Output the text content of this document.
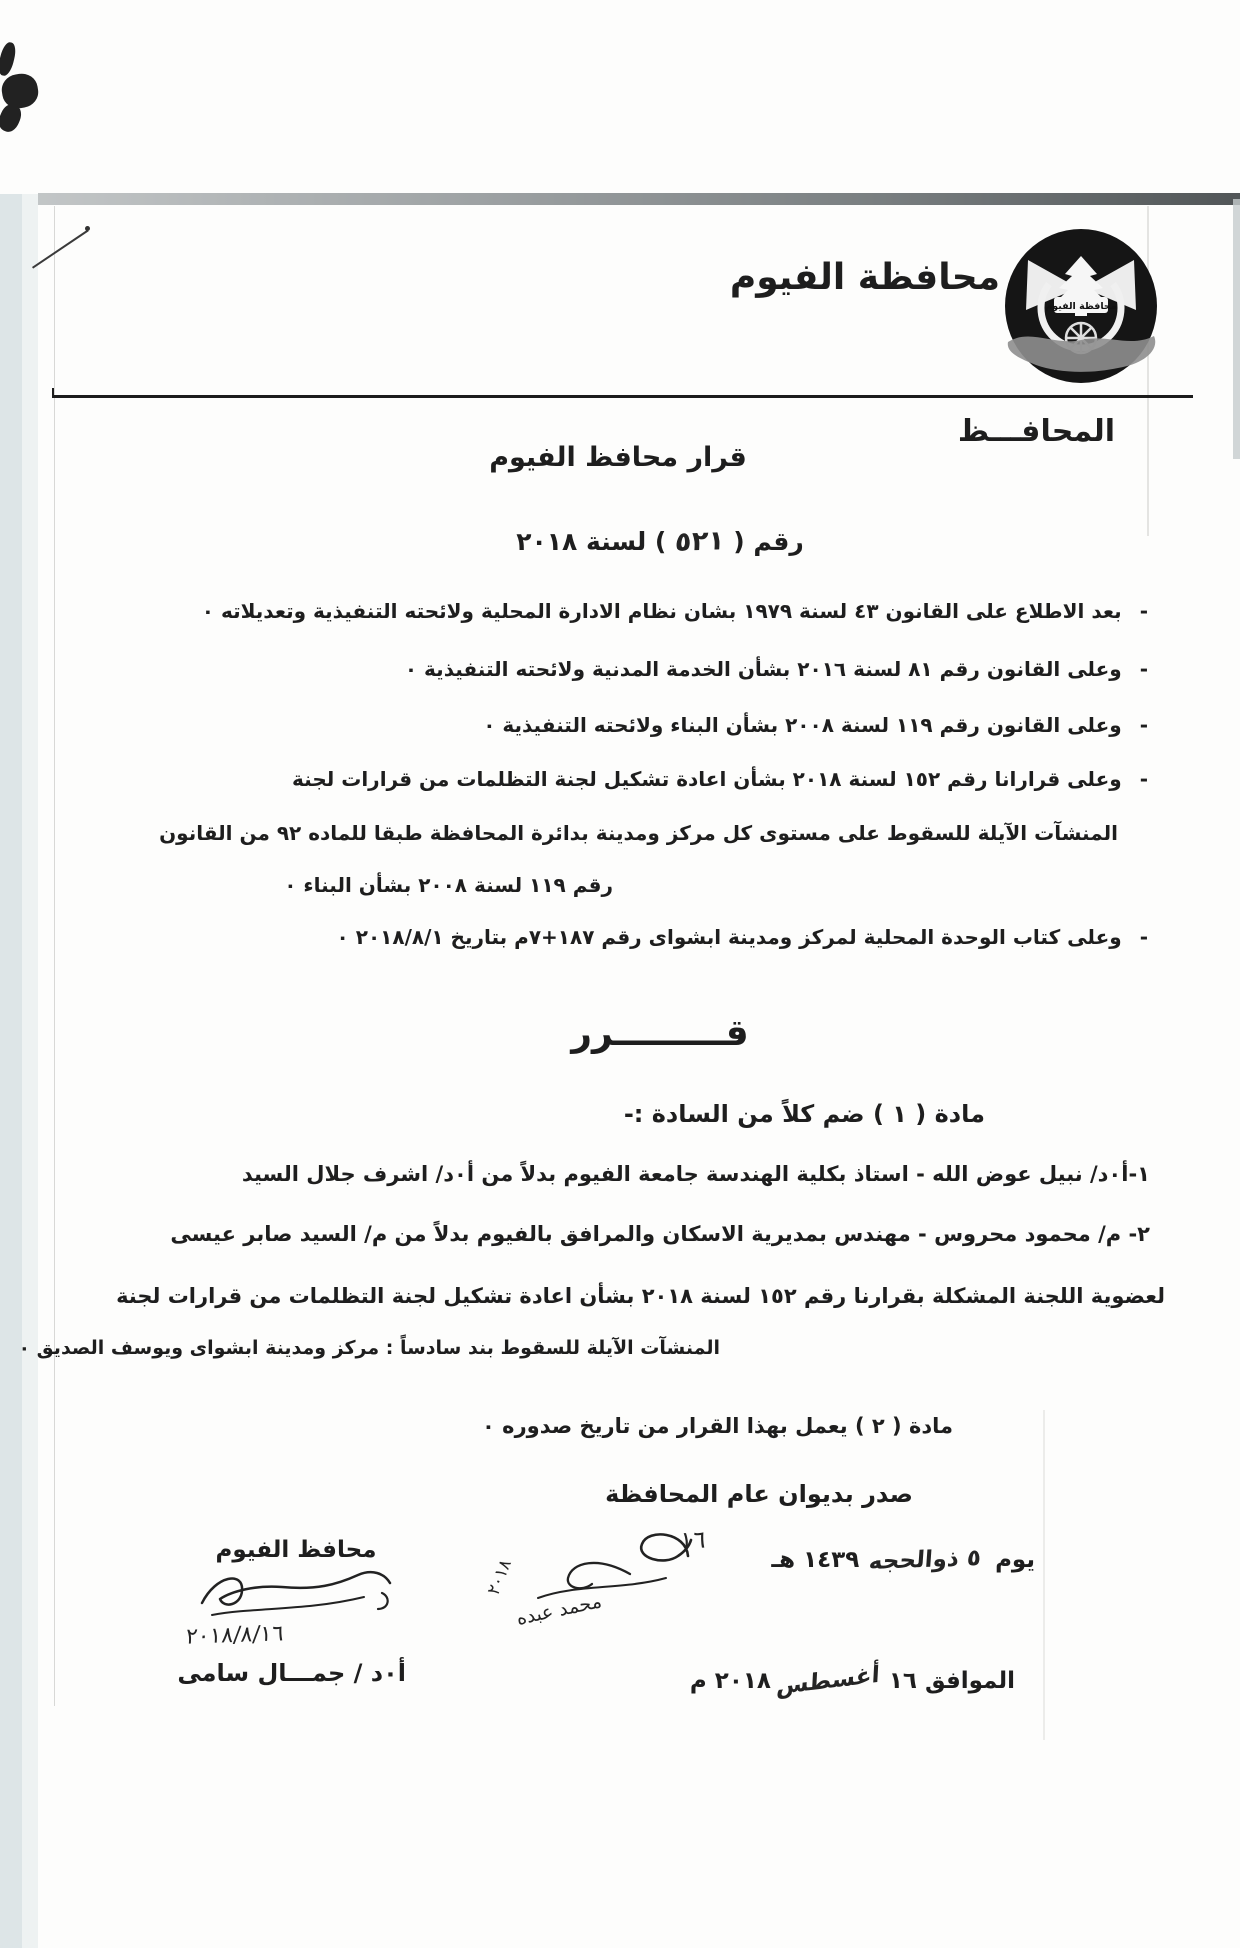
محافظة الفيوم
محافظة الفيوم
المحافـــظ
قرار محافظ الفيوم
رقم ( ٥٢١ ) لسنة ٢٠١٨
-بعد الاطلاع على القانون ٤٣ لسنة ١٩٧٩ بشان نظام الادارة المحلية ولائحته التنفيذية وتعديلاته ٠
-وعلى القانون رقم ٨١ لسنة ٢٠١٦ بشأن الخدمة المدنية ولائحته التنفيذية ٠
-وعلى القانون رقم ١١٩ لسنة ٢٠٠٨ بشأن البناء ولائحته التنفيذية ٠
-وعلى قرارانا رقم ١٥٢ لسنة ٢٠١٨ بشأن اعادة تشكيل لجنة التظلمات من قرارات لجنة
المنشآت الآيلة للسقوط على مستوى كل مركز ومدينة بدائرة المحافظة طبقا للماده ٩٢ من القانون
رقم ١١٩ لسنة ٢٠٠٨ بشأن البناء ٠
-وعلى كتاب الوحدة المحلية لمركز ومدينة ابشواى رقم ١٨٧+٧م بتاريخ ٢٠١٨/٨/١ ٠
قـــــــــرر
مادة ( ١ ) ضم كلاً من السادة :-
١-أ٠د/ نبيل عوض الله - استاذ بكلية الهندسة جامعة الفيوم بدلاً من أ٠د/ اشرف جلال السيد
٢- م/ محمود محروس - مهندس بمديرية الاسكان والمرافق بالفيوم بدلاً من م/ السيد صابر عيسى
لعضوية اللجنة المشكلة بقرارنا رقم ١٥٢ لسنة ٢٠١٨ بشأن اعادة تشكيل لجنة التظلمات من قرارات لجنة
المنشآت الآيلة للسقوط بند سادساً : مركز ومدينة ابشواى ويوسف الصديق ٠
مادة ( ٢ ) يعمل بهذا القرار من تاريخ صدوره ٠
صدر بديوان عام المحافظة
يوم٥ ذوالحجه١٤٣٩ هـ
الموافق ١٦أغسطس٢٠١٨ م
١٦
محمد عبده
٢٠١٨
محافظ الفيوم
٢٠١٨/٨/١٦
أ٠د / جمـــال سامى
